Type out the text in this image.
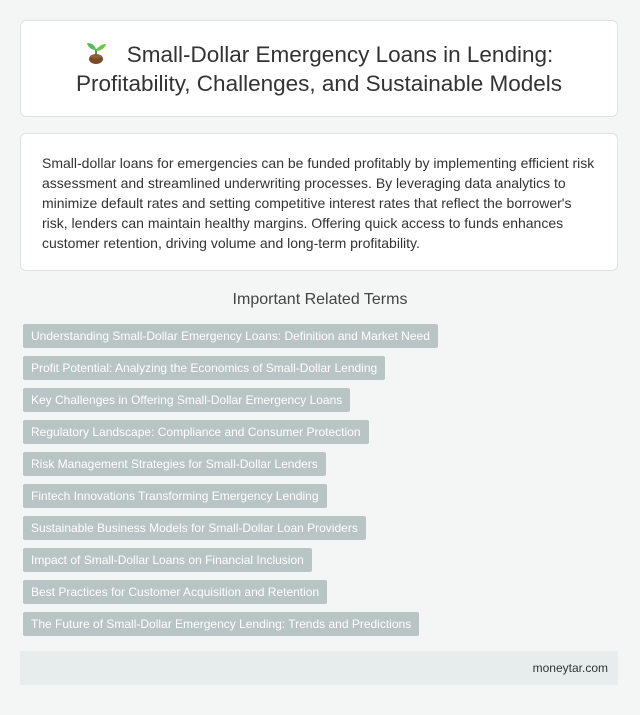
Small-Dollar Emergency Loans in Lending: Profitability, Challenges, and Sustainable Models

Small-dollar loans for emergencies can be funded profitably by implementing efficient risk assessment and streamlined underwriting processes. By leveraging data analytics to minimize default rates and setting competitive interest rates that reflect the borrower's risk, lenders can maintain healthy margins. Offering quick access to funds enhances customer retention, driving volume and long-term profitability.

Important Related Terms
Understanding Small-Dollar Emergency Loans: Definition and Market Need
Profit Potential: Analyzing the Economics of Small-Dollar Lending
Key Challenges in Offering Small-Dollar Emergency Loans
Regulatory Landscape: Compliance and Consumer Protection
Risk Management Strategies for Small-Dollar Lenders
Fintech Innovations Transforming Emergency Lending
Sustainable Business Models for Small-Dollar Loan Providers
Impact of Small-Dollar Loans on Financial Inclusion
Best Practices for Customer Acquisition and Retention
The Future of Small-Dollar Emergency Lending: Trends and Predictions
moneytar.com
